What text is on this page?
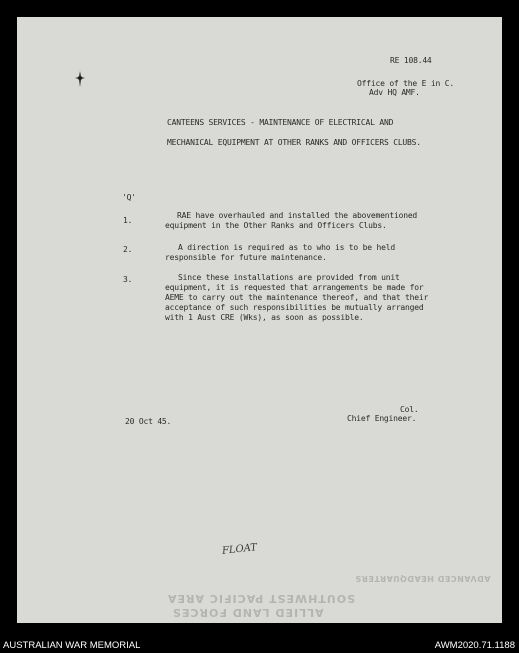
RE 108.44
Office of the E in C.
Adv HQ AMF.
CANTEENS SERVICES - MAINTENANCE OF ELECTRICAL AND
MECHANICAL EQUIPMENT AT OTHER RANKS AND OFFICERS CLUBS.
'Q'
1.
RAE have overhauled and installed the abovementioned
equipment in the Other Ranks and Officers Clubs.
2.	A direction is required as to who is to be held
responsible for future maintenance.
3.	Since these installations are provided from unit
equipment, it is requested that arrangements be made for
AEME to carry out the maintenance thereof, and that their
acceptance of such responsibilities be mutually arranged
with 1 Aust CRE (Wks), as soon as possible.
Col.
20 Oct 45.	Chief Engineer.
FLOAT
ADVANCED HEADQUARTERS
SOUTHWEST PACIFIC AREA
ALLIED LAND FORCES
AUSTRALIAN WAR MEMORIAL	AWM2020.71.1188
